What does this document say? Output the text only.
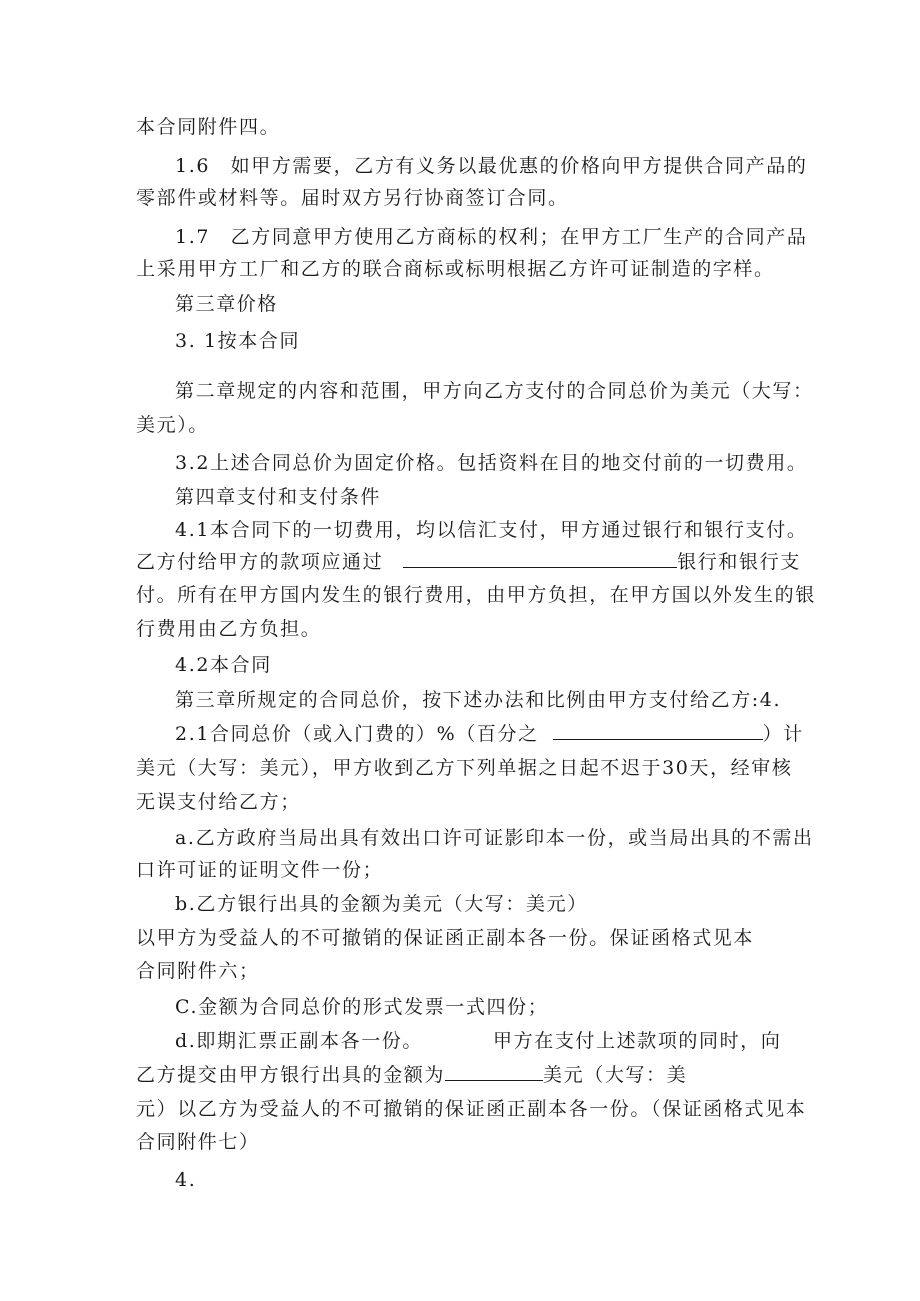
本合同附件四。
1.6　如甲方需要，乙方有义务以最优惠的价格向甲方提供合同产品的
零部件或材料等。届时双方另行协商签订合同。
1.7　乙方同意甲方使用乙方商标的权利；在甲方工厂生产的合同产品
上采用甲方工厂和乙方的联合商标或标明根据乙方许可证制造的字样。
第三章价格
3. 1按本合同
第二章规定的内容和范围，甲方向乙方支付的合同总价为美元（大写：
美元）。
3.2上述合同总价为固定价格。包括资料在目的地交付前的一切费用。
第四章支付和支付条件
4.1本合同下的一切费用，均以信汇支付，甲方通过银行和银行支付。
乙方付给甲方的款项应通过	银行和银行支
付。所有在甲方国内发生的银行费用，由甲方负担，在甲方国以外发生的银
行费用由乙方负担。
4.2本合同
第三章所规定的合同总价，按下述办法和比例由甲方支付给乙方:4.
2.1合同总价（或入门费的）%（百分之	）计
美元（大写：美元），甲方收到乙方下列单据之日起不迟于30天，经审核
无误支付给乙方；
a.乙方政府当局出具有效出口许可证影印本一份，或当局出具的不需出
口许可证的证明文件一份；
b.乙方银行出具的金额为美元（大写：美元）
以甲方为受益人的不可撤销的保证函正副本各一份。保证函格式见本
合同附件六；
C.金额为合同总价的形式发票一式四份；
d.即期汇票正副本各一份。	甲方在支付上述款项的同时，向
乙方提交由甲方银行出具的金额为	美元（大写：美
元）以乙方为受益人的不可撤销的保证函正副本各一份。（保证函格式见本
合同附件七）
4.
